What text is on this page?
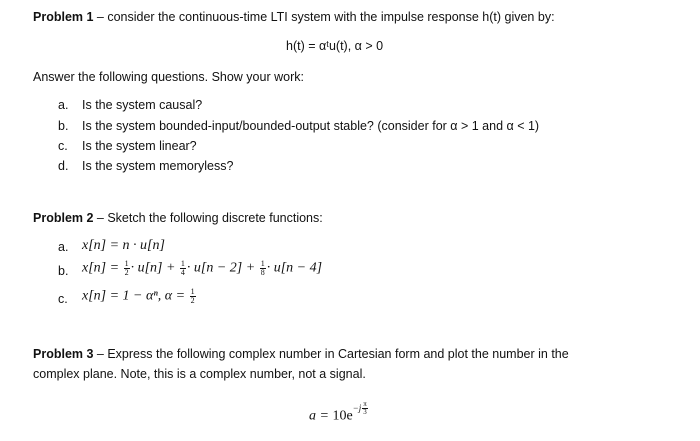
Problem 1 – consider the continuous-time LTI system with the impulse response h(t) given by:
h(t) = αᵗu(t), α > 0
Answer the following questions. Show your work:
a. Is the system causal?
b. Is the system bounded-input/bounded-output stable? (consider for α > 1 and α < 1)
c. Is the system linear?
d. Is the system memoryless?
Problem 2 – Sketch the following discrete functions:
a. x[n] = n · u[n]
b. $x[n] = \frac{1}{2} \cdot u[n] + \frac{1}{4} \cdot u[n - 2] + \frac{1}{8} \cdot u[n - 4]$
c. x[n] = 1 − αⁿ, $\alpha = \frac{1}{2}$
Problem 3 – Express the following complex number in Cartesian form and plot the number in the
complex plane. Note, this is a complex number, not a signal.
$a = 10e^{-j \frac{\pi}{3}}$
